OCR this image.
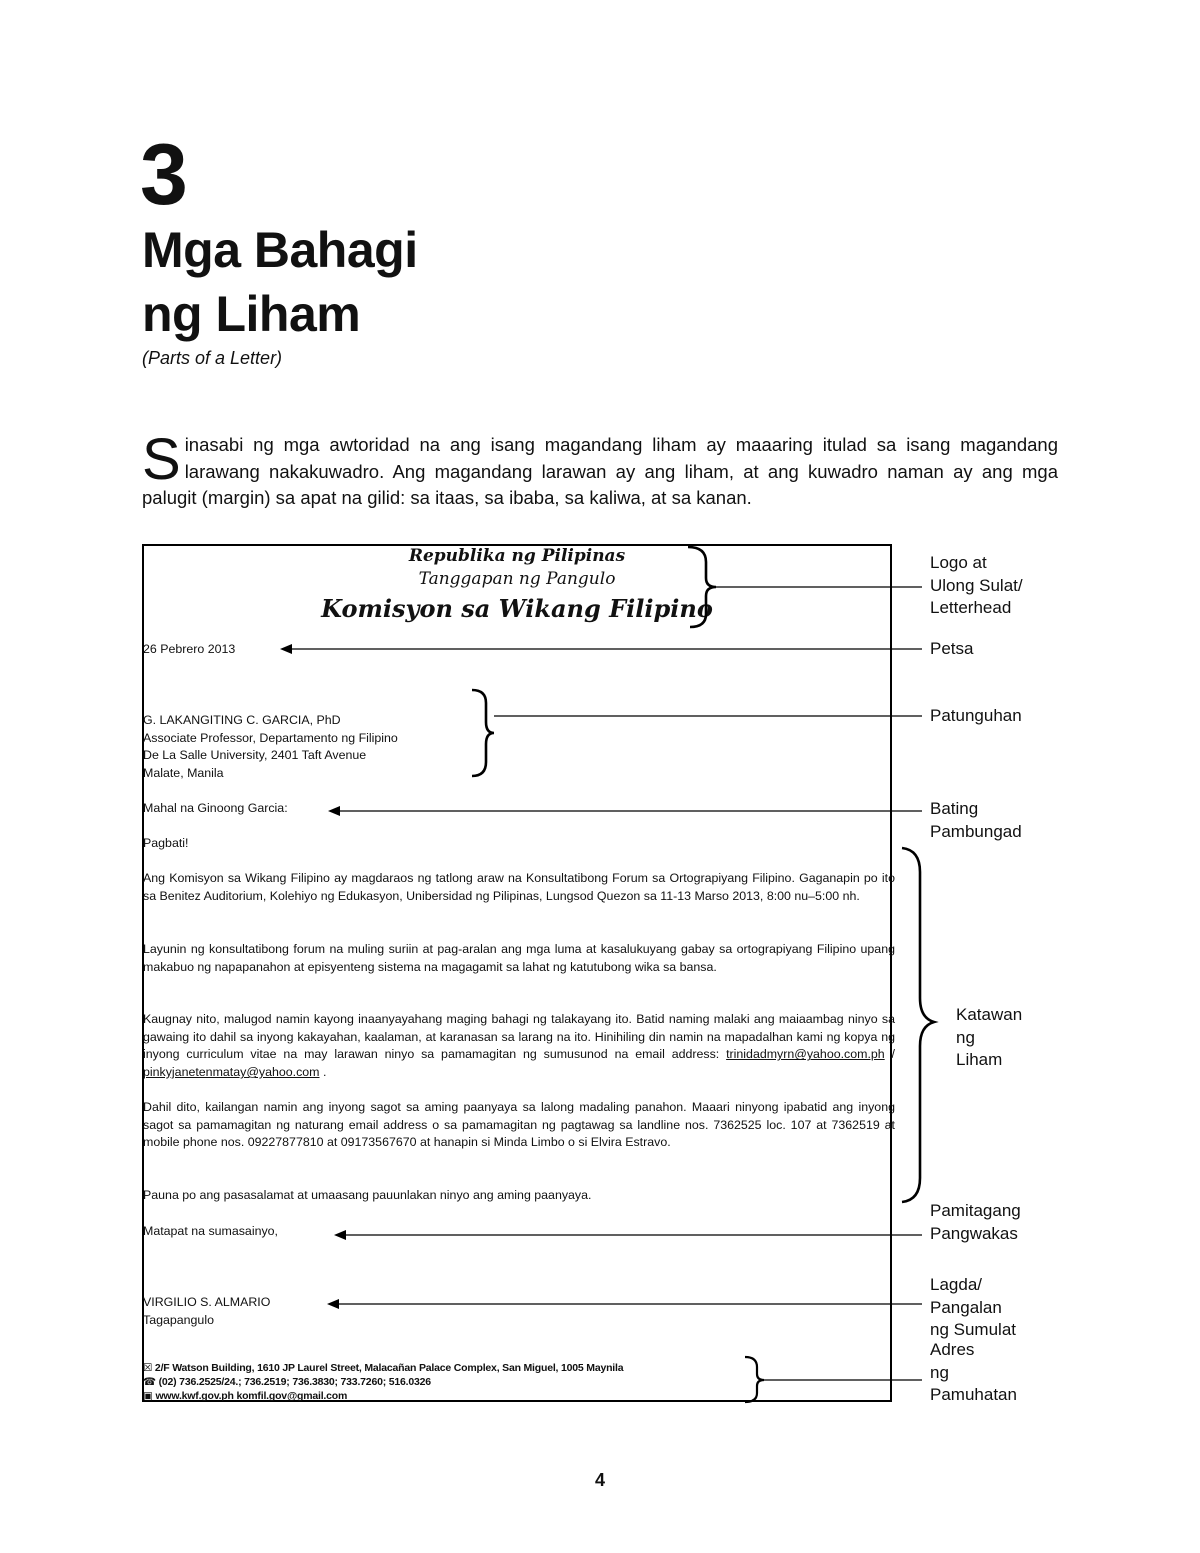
3
Mga Bahagi
ng Liham
(Parts of a Letter)
Sinasabi ng mga awtoridad na ang isang magandang liham ay maaaring itulad sa isang magandang larawang nakakuwadro. Ang magandang larawan ay ang liham, at ang kuwadro naman ay ang mga palugit (margin) sa apat na gilid: sa itaas, sa ibaba, sa kaliwa, at sa kanan.
Republika ng Pilipinas
Tanggapan ng Pangulo
Komisyon sa Wikang Filipino
26 Pebrero 2013
G. LAKANGITING C. GARCIA, PhD
Associate Professor, Departamento ng Filipino
De La Salle University, 2401 Taft Avenue
Malate, Manila
Mahal na Ginoong Garcia:
Pagbati!
Ang Komisyon sa Wikang Filipino ay magdaraos ng tatlong araw na Konsultatibong Forum sa Ortograpiyang Filipino. Gaganapin po ito sa Benitez Auditorium, Kolehiyo ng Edukasyon, Unibersidad ng Pilipinas, Lungsod Quezon sa 11-13 Marso 2013, 8:00 nu–5:00 nh.
Layunin ng konsultatibong forum na muling suriin at pag-aralan ang mga luma at kasalukuyang gabay sa ortograpiyang Filipino upang makabuo ng napapanahon at episyenteng sistema na magagamit sa lahat ng katutubong wika sa bansa.
Kaugnay nito, malugod namin kayong inaanyayahang maging bahagi ng talakayang ito. Batid naming malaki ang maiaambag ninyo sa gawaing ito dahil sa inyong kakayahan, kaalaman, at karanasan sa larang na ito. Hinihiling din namin na mapadalhan kami ng kopya ng inyong curriculum vitae na may larawan ninyo sa pamamagitan ng sumusunod na email address: trinidadmyrn@yahoo.com.ph / pinkyjanetenmatay@yahoo.com .
Dahil dito, kailangan namin ang inyong sagot sa aming paanyaya sa lalong madaling panahon. Maaari ninyong ipabatid ang inyong sagot sa pamamagitan ng naturang email address o sa pamamagitan ng pagtawag sa landline nos. 7362525 loc. 107 at 7362519 at mobile phone nos. 09227877810 at 09173567670 at hanapin si Minda Limbo o si Elvira Estravo.
Pauna po ang pasasalamat at umaasang pauunlakan ninyo ang aming paanyaya.
Matapat na sumasainyo,
VIRGILIO S. ALMARIO
Tagapangulo
☒ 2/F Watson Building, 1610 JP Laurel Street, Malacañan Palace Complex, San Miguel, 1005 Maynila
☎ (02) 736.2525/24.; 736.2519; 736.3830; 733.7260; 516.0326
▣ www.kwf.gov.ph komfil.gov@gmail.com
Logo at
Ulong Sulat/
Letterhead
Petsa
Patunguhan
Bating
Pambungad
Katawan
ng
Liham
Pamitagang
Pangwakas
Lagda/
Pangalan
ng Sumulat
Adres
ng
Pamuhatan
4
